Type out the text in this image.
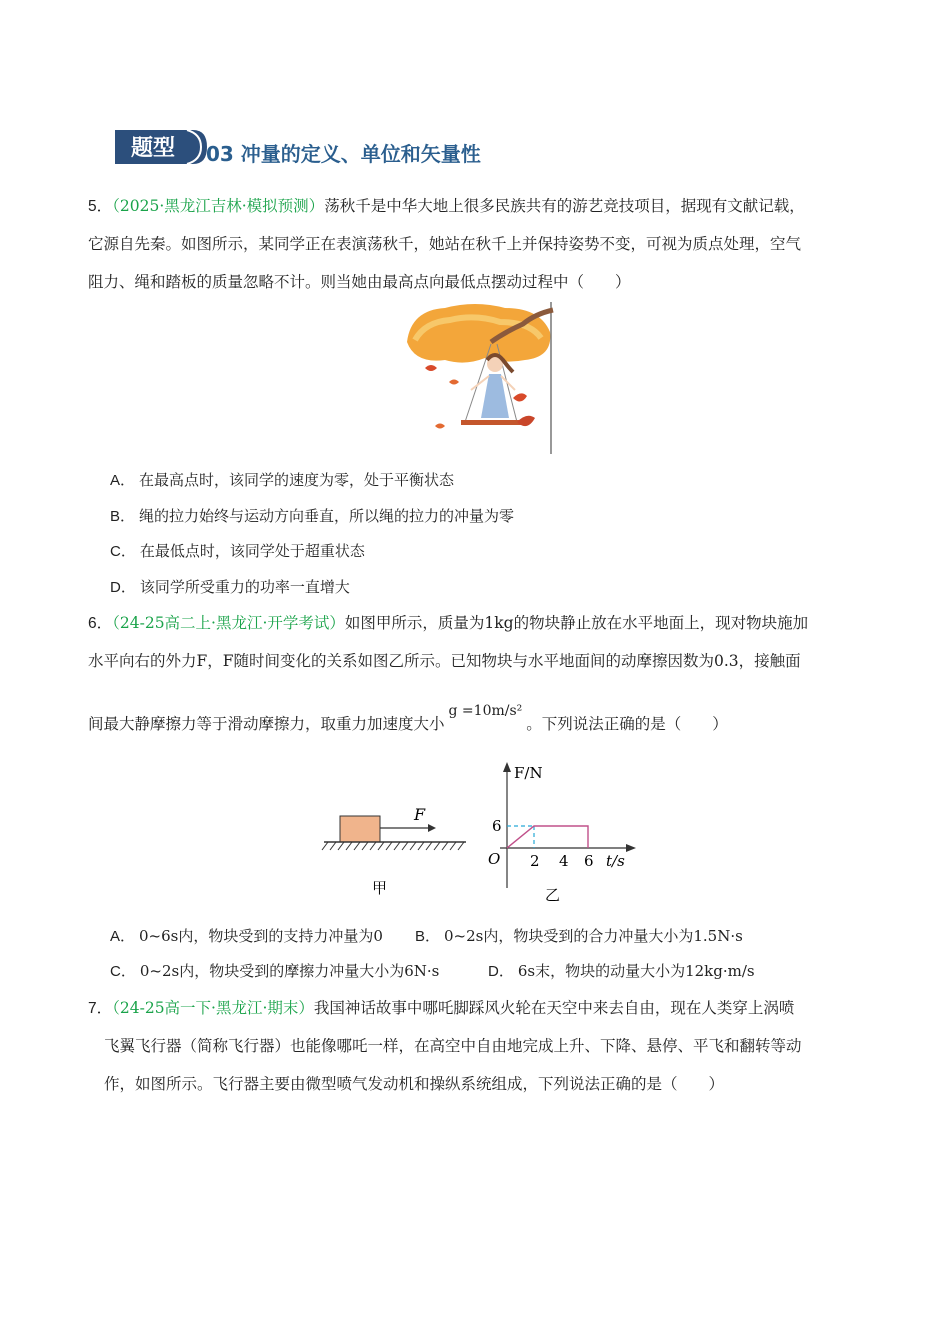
题型 03 冲量的定义、单位和矢量性
5．（2025·黑龙江吉林·模拟预测）荡秋千是中华大地上很多民族共有的游艺竞技项目，据现有文献记载，
它源自先秦。如图所示，某同学正在表演荡秋千，她站在秋千上并保持姿势不变，可视为质点处理，空气
阻力、绳和踏板的质量忽略不计。则当她由最高点向最低点摆动过程中（　　）
A． 在最高点时，该同学的速度为零，处于平衡状态
B． 绳的拉力始终与运动方向垂直，所以绳的拉力的冲量为零
C． 在最低点时，该同学处于超重状态
D． 该同学所受重力的功率一直增大
6．（24-25高二上·黑龙江·开学考试）如图甲所示，质量为1kg的物块静止放在水平地面上，现对物块施加
水平向右的外力F，F随时间变化的关系如图乙所示。已知物块与水平地面间的动摩擦因数为0.3，接触面
间最大静摩擦力等于滑动摩擦力，取重力加速度大小g =10m/s²。下列说法正确的是（　　）
F
甲
F/N
t/s
O
6
2 4 6
乙
A． 0~6s内，物块受到的支持力冲量为0 B． 0~2s内，物块受到的合力冲量大小为1.5N·s
C． 0~2s内，物块受到的摩擦力冲量大小为6N·s	D． 6s末，物块的动量大小为12kg·m/s
7．（24-25高一下·黑龙江·期末）我国神话故事中哪吒脚踩风火轮在天空中来去自由，现在人类穿上涡喷
飞翼飞行器（简称飞行器）也能像哪吒一样，在高空中自由地完成上升、下降、悬停、平飞和翻转等动
作，如图所示。飞行器主要由微型喷气发动机和操纵系统组成，下列说法正确的是（　　）
